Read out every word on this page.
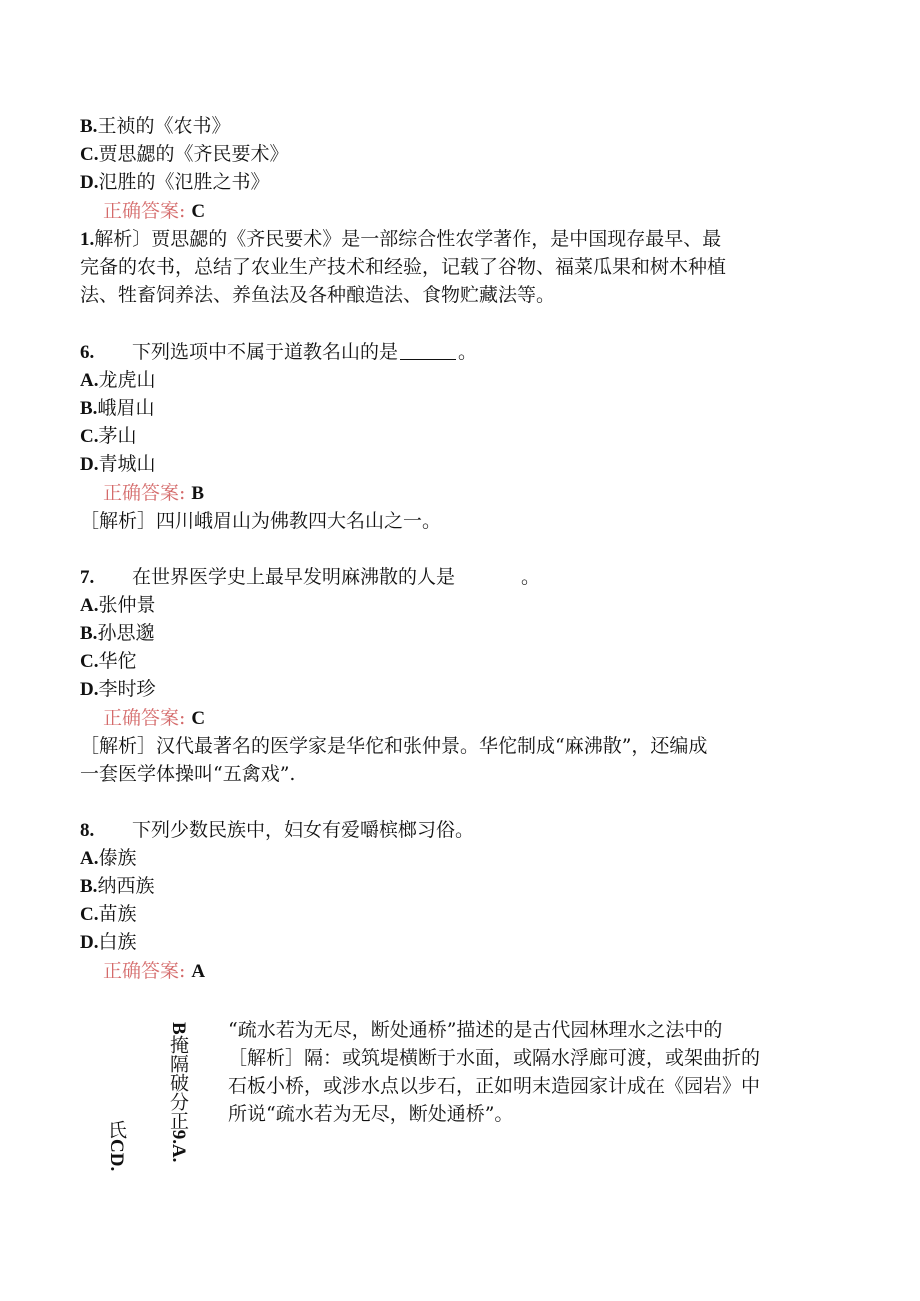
B.王祯的《农书》
C.贾思勰的《齐民要术》
D.氾胜的《氾胜之书》
正确答案: C
1.解析〕贾思勰的《齐民要术》是一部综合性农学著作，是中国现存最早、最
完备的农书，总结了农业生产技术和经验，记载了谷物、福菜瓜果和树木种植
法、牲畜饲养法、养鱼法及各种酿造法、食物贮藏法等。
6. 下列选项中不属于道教名山的是	。
A.龙虎山
B.峨眉山
C.茅山
D.青城山
正确答案: B
［解析］四川峨眉山为佛教四大名山之一。
7. 在世界医学史上最早发明麻沸散的人是	。
A.张仲景
B.孙思邈
C.华佗
D.李时珍
正确答案: C
［解析］汉代最著名的医学家是华佗和张仲景。华佗制成“麻沸散”，还编成
一套医学体操叫“五禽戏”.
8. 下列少数民族中，妇女有爱嚼槟榔习俗。
A.傣族
B.纳西族
C.苗族
D.白族
正确答案: A
B掩隔破分正9.A.
氏CD.
“疏水若为无尽，断处通桥”描述的是古代园林理水之法中的
［解析］隔：或筑堤横断于水面，或隔水浮廊可渡，或架曲折的
石板小桥，或涉水点以步石，正如明末造园家计成在《园岩》中
所说“疏水若为无尽，断处通桥”。
